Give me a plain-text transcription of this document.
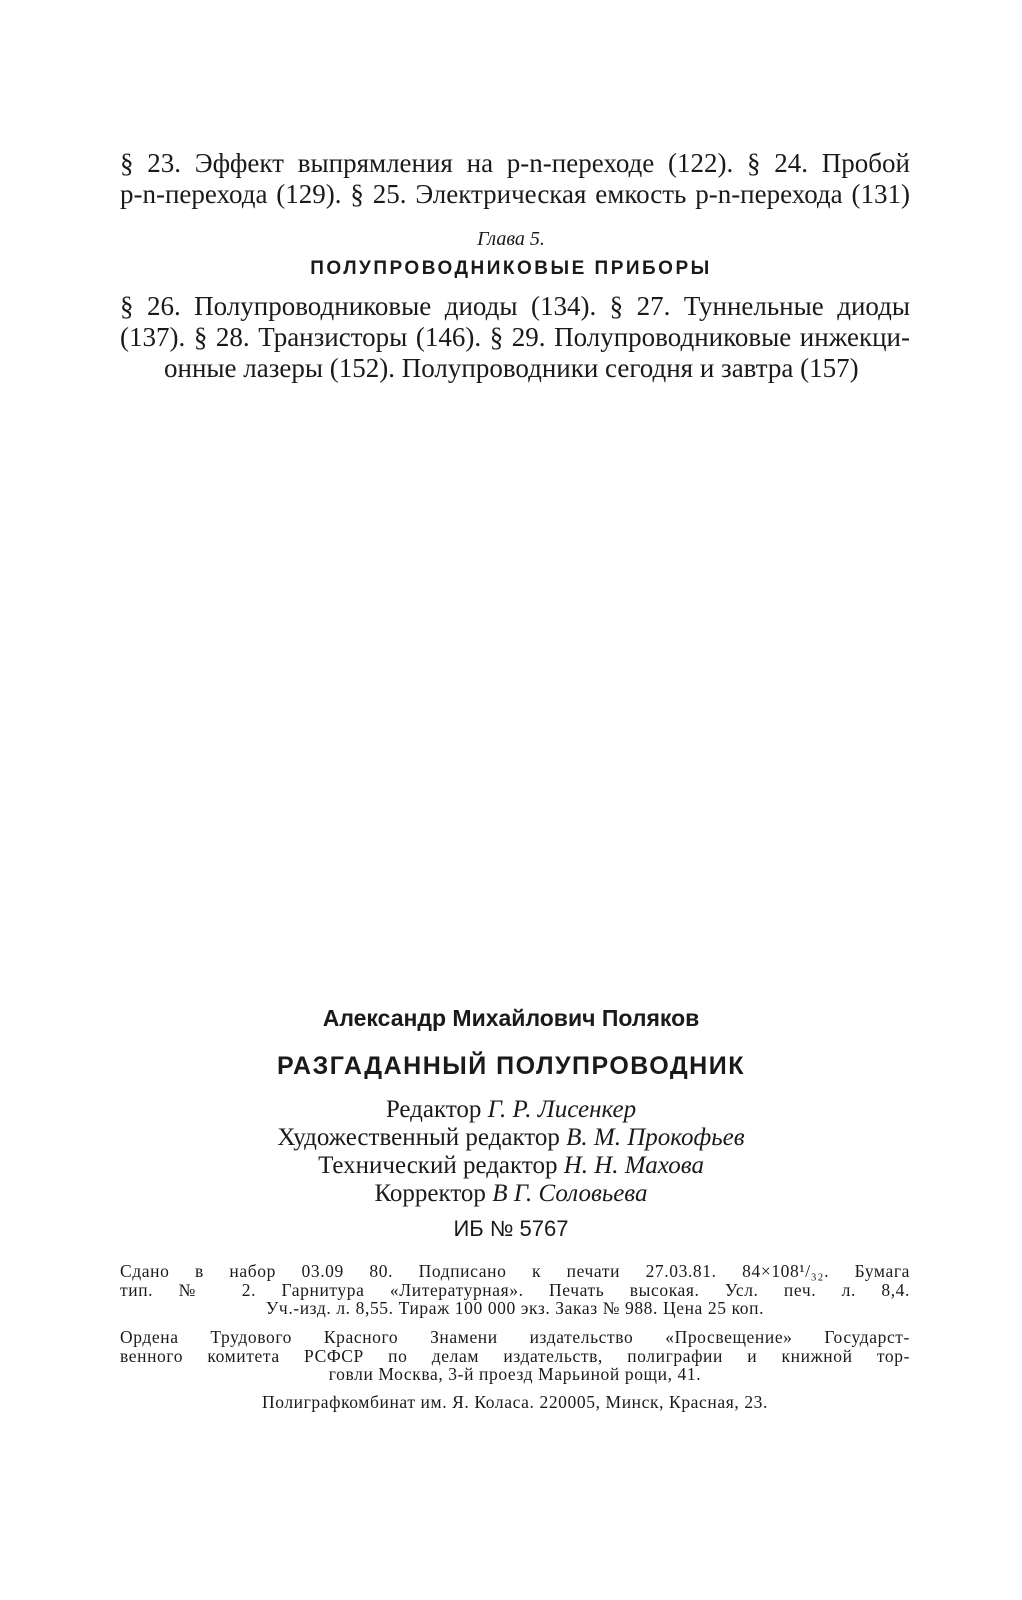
§ 23. Эффект выпрямления на p-n-переходе (122). § 24. Пробой
p-n-перехода (129). § 25. Электрическая емкость p-n-перехода (131)
Глава 5.
ПОЛУПРОВОДНИКОВЫЕ ПРИБОРЫ
§ 26. Полупроводниковые диоды (134). § 27. Туннельные диоды
(137). § 28. Транзисторы (146). § 29. Полупроводниковые инжекци-
онные лазеры (152). Полупроводники сегодня и завтра (157)
Александр Михайлович Поляков
РАЗГАДАННЫЙ ПОЛУПРОВОДНИК
Редактор Г. Р. Лисенкер
Художественный редактор В. М. Прокофьев
Технический редактор Н. Н. Махова
Корректор В Г. Соловьева
ИБ № 5767
Сдано в набор 03.09 80. Подписано к печати 27.03.81. 84×108¹/₃₂. Бумага
тип. № 2. Гарнитура «Литературная». Печать высокая. Усл. печ. л. 8,4.
Уч.-изд. л. 8,55. Тираж 100 000 экз. Заказ № 988. Цена 25 коп.
Ордена Трудового Красного Знамени издательство «Просвещение» Государст-
венного комитета РСФСР по делам издательств, полиграфии и книжной тор-
говли Москва, 3-й проезд Марьиной рощи, 41.
Полиграфкомбинат им. Я. Коласа. 220005, Минск, Красная, 23.
